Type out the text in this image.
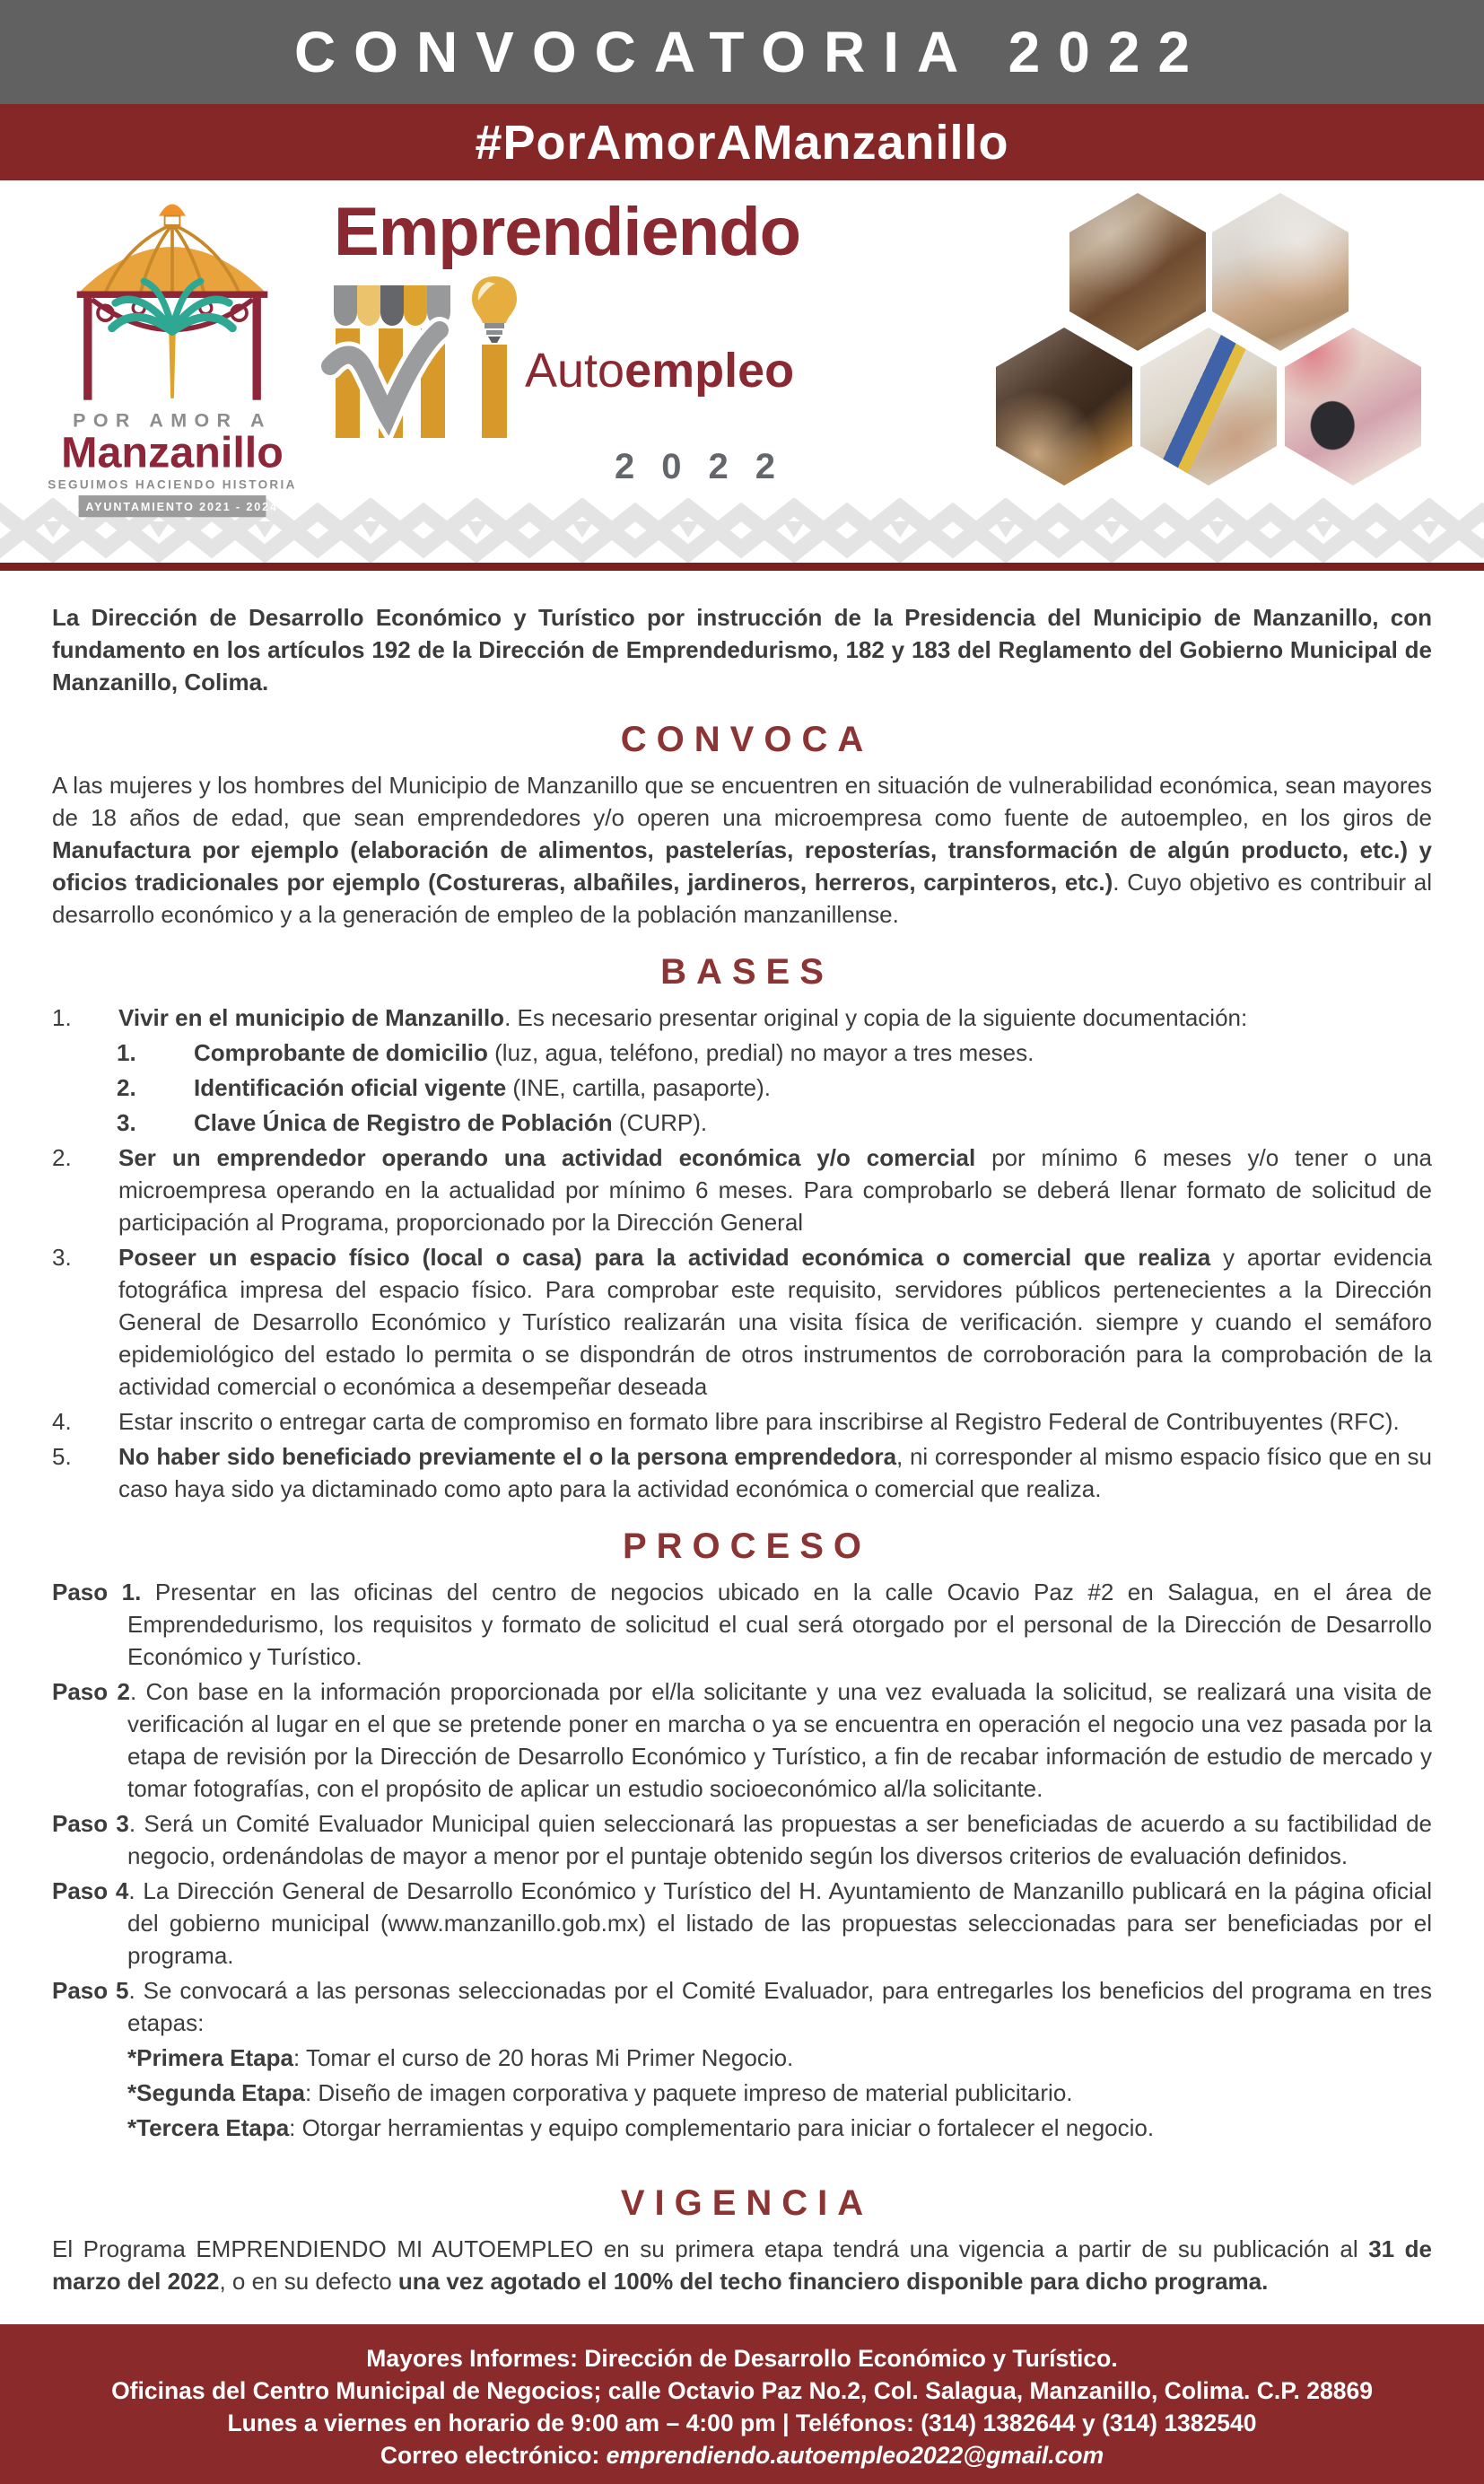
CONVOCATORIA 2022
#PorAmorAManzanillo
POR AMOR A
Manzanillo
SEGUIMOS HACIENDO HISTORIA
H. AYUNTAMIENTO 2021 - 2024
Emprendiendo
Autoempleo
2022

La Dirección de Desarrollo Económico y Turístico por instrucción de la Presidencia del Municipio de Manzanillo, con fundamento en los artículos 192 de la Dirección de Emprendedurismo, 182 y 183 del Reglamento del Gobierno Municipal de Manzanillo, Colima.

CONVOCA

A las mujeres y los hombres del Municipio de Manzanillo que se encuentren en situación de vulnerabilidad económica, sean mayores de 18 años de edad, que sean emprendedores y/o operen una microempresa como fuente de autoempleo, en los giros de Manufactura por ejemplo (elaboración de alimentos, pastelerías, reposterías, transformación de algún producto, etc.) y oficios tradicionales por ejemplo (Costureras, albañiles, jardineros, herreros, carpinteros, etc.). Cuyo objetivo es contribuir al desarrollo económico y a la generación de empleo de la población manzanillense.

BASES
1.	Vivir en el municipio de Manzanillo. Es necesario presentar original y copia de la siguiente documentación:
1.	Comprobante de domicilio (luz, agua, teléfono, predial) no mayor a tres meses.
2.	Identificación oficial vigente (INE, cartilla, pasaporte).
3.	Clave Única de Registro de Población (CURP).
2.	Ser un emprendedor operando una actividad económica y/o comercial por mínimo 6 meses y/o tener o una microempresa operando en la actualidad por mínimo 6 meses. Para comprobarlo se deberá llenar formato de solicitud de participación al Programa, proporcionado por la Dirección General
3.	Poseer un espacio físico (local o casa) para la actividad económica o comercial que realiza y aportar evidencia fotográfica impresa del espacio físico. Para comprobar este requisito, servidores públicos pertenecientes a la Dirección General de Desarrollo Económico y Turístico realizarán una visita física de verificación. siempre y cuando el semáforo epidemiológico del estado lo permita o se dispondrán de otros instrumentos de corroboración para la comprobación de la actividad comercial o económica a desempeñar deseada
4.	Estar inscrito o entregar carta de compromiso en formato libre para inscribirse al Registro Federal de Contribuyentes (RFC).
5.	No haber sido beneficiado previamente el o la persona emprendedora, ni corresponder al mismo espacio físico que en su caso haya sido ya dictaminado como apto para la actividad económica o comercial que realiza.
PROCESO

Paso 1. Presentar en las oficinas del centro de negocios ubicado en la calle Ocavio Paz #2 en Salagua, en el área de Emprendedurismo, los requisitos y formato de solicitud el cual será otorgado por el personal de la Dirección de Desarrollo Económico y Turístico.

Paso 2. Con base en la información proporcionada por el/la solicitante y una vez evaluada la solicitud, se realizará una visita de verificación al lugar en el que se pretende poner en marcha o ya se encuentra en operación el negocio una vez pasada por la etapa de revisión por la Dirección de Desarrollo Económico y Turístico, a fin de recabar información de estudio de mercado y tomar fotografías, con el propósito de aplicar un estudio socioeconómico al/la solicitante.

Paso 3. Será un Comité Evaluador Municipal quien seleccionará las propuestas a ser beneficiadas de acuerdo a su factibilidad de negocio, ordenándolas de mayor a menor por el puntaje obtenido según los diversos criterios de evaluación definidos.

Paso 4. La Dirección General de Desarrollo Económico y Turístico del H. Ayuntamiento de Manzanillo publicará en la página oficial del gobierno municipal (www.manzanillo.gob.mx) el listado de las propuestas seleccionadas para ser beneficiadas por el programa.

Paso 5. Se convocará a las personas seleccionadas por el Comité Evaluador, para entregarles los beneficios del programa en tres etapas:

*Primera Etapa: Tomar el curso de 20 horas Mi Primer Negocio.

*Segunda Etapa: Diseño de imagen corporativa y paquete impreso de material publicitario.

*Tercera Etapa: Otorgar herramientas y equipo complementario para iniciar o fortalecer el negocio.

VIGENCIA

El Programa EMPRENDIENDO MI AUTOEMPLEO en su primera etapa tendrá una vigencia a partir de su publicación al 31 de marzo del 2022, o en su defecto una vez agotado el 100% del techo financiero disponible para dicho programa.

Mayores Informes: Dirección de Desarrollo Económico y Turístico.
Oficinas del Centro Municipal de Negocios; calle Octavio Paz No.2, Col. Salagua, Manzanillo, Colima. C.P. 28869
Lunes a viernes en horario de 9:00 am – 4:00 pm | Teléfonos: (314) 1382644 y (314) 1382540
Correo electrónico: emprendiendo.autoempleo2022@gmail.com
